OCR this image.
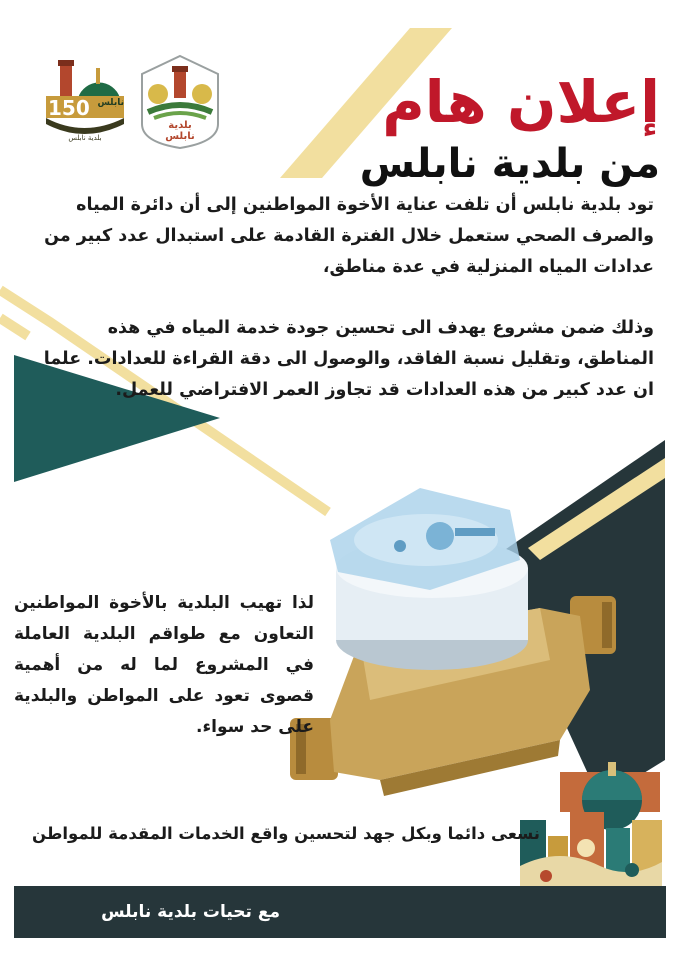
150 نابلس
بلدية نابلس
بلدية نابلس
إعلان هام
من بلدية نابلس
تود بلدية نابلس أن تلفت عناية الأخوة المواطنين إلى أن دائرة المياه والصرف الصحي ستعمل خلال الفترة القادمة على استبدال عدد كبير من عدادات المياه المنزلية في عدة مناطق،
وذلك ضمن مشروع يهدف الى تحسين جودة خدمة المياه في هذه المناطق، وتقليل نسبة الفاقد، والوصول الى دقة القراءة للعدادات. علما ان عدد كبير من هذه العدادات قد تجاوز العمر الافتراضي للعمل.
لذا تهيب البلدية بالأخوة المواطنين التعاون مع طواقم البلدية العاملة في المشروع لما له من أهمية قصوى تعود على المواطن والبلدية على حد سواء.
نسعى دائما وبكل جهد لتحسين واقع الخدمات المقدمة للمواطن
مع تحيات بلدية نابلس
